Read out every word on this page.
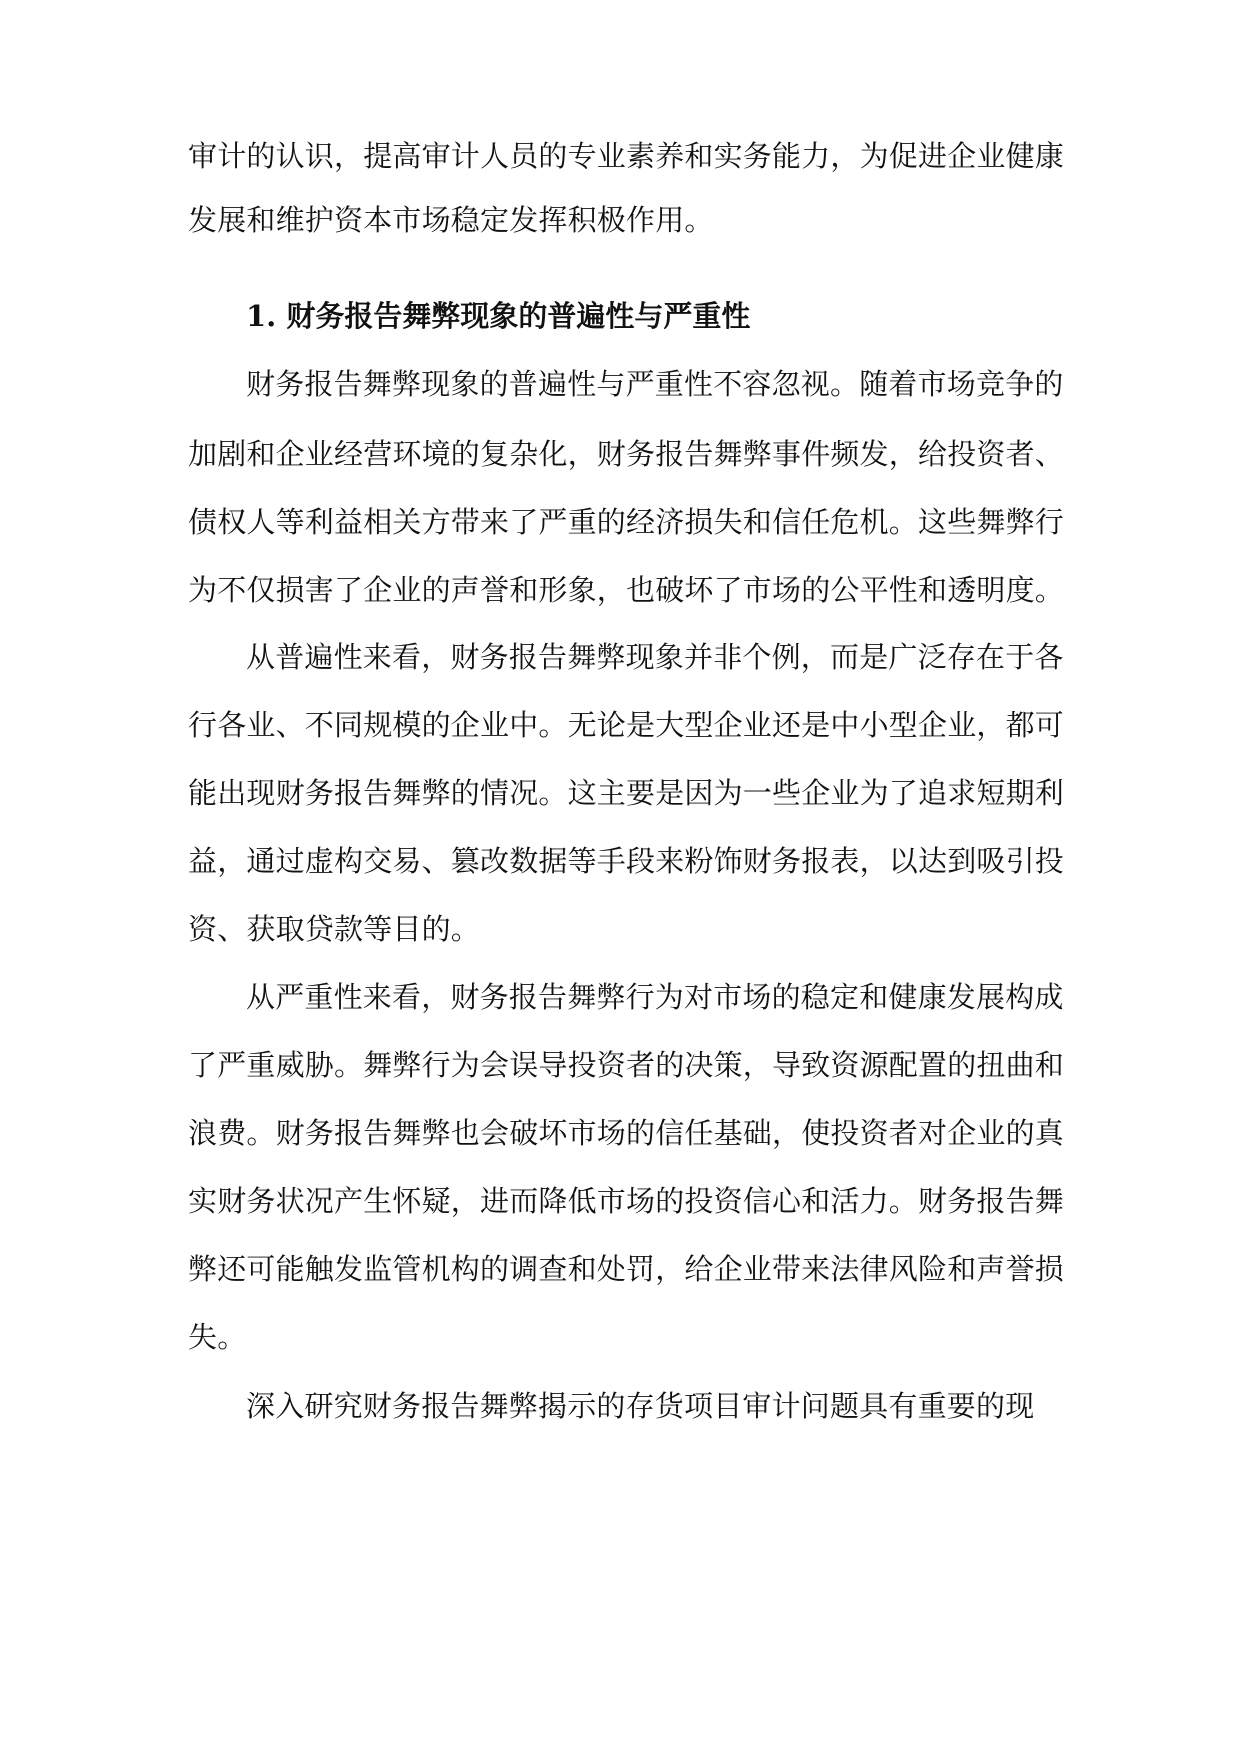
审计的认识，提高审计人员的专业素养和实务能力，为促进企业健康
发展和维护资本市场稳定发挥积极作用。
1. 财务报告舞弊现象的普遍性与严重性
财务报告舞弊现象的普遍性与严重性不容忽视。随着市场竞争的
加剧和企业经营环境的复杂化，财务报告舞弊事件频发，给投资者、
债权人等利益相关方带来了严重的经济损失和信任危机。这些舞弊行
为不仅损害了企业的声誉和形象，也破坏了市场的公平性和透明度。
从普遍性来看，财务报告舞弊现象并非个例，而是广泛存在于各
行各业、不同规模的企业中。无论是大型企业还是中小型企业，都可
能出现财务报告舞弊的情况。这主要是因为一些企业为了追求短期利
益，通过虚构交易、篡改数据等手段来粉饰财务报表，以达到吸引投
资、获取贷款等目的。
从严重性来看，财务报告舞弊行为对市场的稳定和健康发展构成
了严重威胁。舞弊行为会误导投资者的决策，导致资源配置的扭曲和
浪费。财务报告舞弊也会破坏市场的信任基础，使投资者对企业的真
实财务状况产生怀疑，进而降低市场的投资信心和活力。财务报告舞
弊还可能触发监管机构的调查和处罚，给企业带来法律风险和声誉损
失。
深入研究财务报告舞弊揭示的存货项目审计问题具有重要的现
